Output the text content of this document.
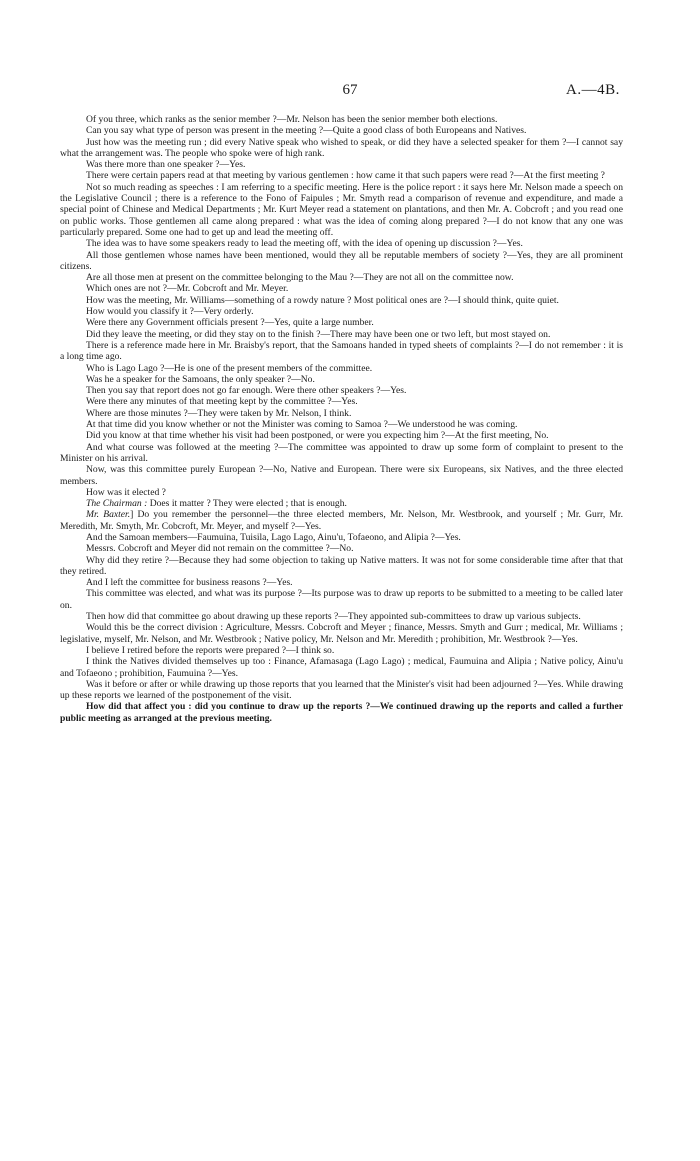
67	A.—4B.

Of you three, which ranks as the senior member ?—Mr. Nelson has been the senior member both elections.

Can you say what type of person was present in the meeting ?—Quite a good class of both Europeans and Natives.

Just how was the meeting run ; did every Native speak who wished to speak, or did they have a selected speaker for them ?—I cannot say what the arrangement was. The people who spoke were of high rank.

Was there more than one speaker ?—Yes.

There were certain papers read at that meeting by various gentlemen : how came it that such papers were read ?—At the first meeting ?

Not so much reading as speeches : I am referring to a specific meeting. Here is the police report : it says here Mr. Nelson made a speech on the Legislative Council ; there is a reference to the Fono of Faipules ; Mr. Smyth read a comparison of revenue and expenditure, and made a special point of Chinese and Medical Departments ; Mr. Kurt Meyer read a statement on plantations, and then Mr. A. Cobcroft ; and you read one on public works. Those gentlemen all came along prepared : what was the idea of coming along prepared ?—I do not know that any one was particularly prepared. Some one had to get up and lead the meeting off.

The idea was to have some speakers ready to lead the meeting off, with the idea of opening up discussion ?—Yes.

All those gentlemen whose names have been mentioned, would they all be reputable members of society ?—Yes, they are all prominent citizens.

Are all those men at present on the committee belonging to the Mau ?—They are not all on the committee now.

Which ones are not ?—Mr. Cobcroft and Mr. Meyer.

How was the meeting, Mr. Williams—something of a rowdy nature ? Most political ones are ?—I should think, quite quiet.

How would you classify it ?—Very orderly.

Were there any Government officials present ?—Yes, quite a large number.

Did they leave the meeting, or did they stay on to the finish ?—There may have been one or two left, but most stayed on.

There is a reference made here in Mr. Braisby's report, that the Samoans handed in typed sheets of complaints ?—I do not remember : it is a long time ago.

Who is Lago Lago ?—He is one of the present members of the committee.

Was he a speaker for the Samoans, the only speaker ?—No.

Then you say that report does not go far enough. Were there other speakers ?—Yes.

Were there any minutes of that meeting kept by the committee ?—Yes.

Where are those minutes ?—They were taken by Mr. Nelson, I think.

At that time did you know whether or not the Minister was coming to Samoa ?—We understood he was coming.

Did you know at that time whether his visit had been postponed, or were you expecting him ?—At the first meeting, No.

And what course was followed at the meeting ?—The committee was appointed to draw up some form of complaint to present to the Minister on his arrival.

Now, was this committee purely European ?—No, Native and European. There were six Europeans, six Natives, and the three elected members.

How was it elected ?

The Chairman : Does it matter ? They were elected ; that is enough.

Mr. Baxter.] Do you remember the personnel—the three elected members, Mr. Nelson, Mr. Westbrook, and yourself ; Mr. Gurr, Mr. Meredith, Mr. Smyth, Mr. Cobcroft, Mr. Meyer, and myself ?—Yes.

And the Samoan members—Faumuina, Tuisila, Lago Lago, Ainu'u, Tofaeono, and Alipia ?—Yes.

Messrs. Cobcroft and Meyer did not remain on the committee ?—No.

Why did they retire ?—Because they had some objection to taking up Native matters. It was not for some considerable time after that that they retired.

And I left the committee for business reasons ?—Yes.

This committee was elected, and what was its purpose ?—Its purpose was to draw up reports to be submitted to a meeting to be called later on.

Then how did that committee go about drawing up these reports ?—They appointed sub-committees to draw up various subjects.

Would this be the correct division : Agriculture, Messrs. Cobcroft and Meyer ; finance, Messrs. Smyth and Gurr ; medical, Mr. Williams ; legislative, myself, Mr. Nelson, and Mr. Westbrook ; Native policy, Mr. Nelson and Mr. Meredith ; prohibition, Mr. Westbrook ?—Yes.

I believe I retired before the reports were prepared ?—I think so.

I think the Natives divided themselves up too : Finance, Afamasaga (Lago Lago) ; medical, Faumuina and Alipia ; Native policy, Ainu'u and Tofaeono ; prohibition, Faumuina ?—Yes.

Was it before or after or while drawing up those reports that you learned that the Minister's visit had been adjourned ?—Yes. While drawing up these reports we learned of the postponement of the visit.

How did that affect you : did you continue to draw up the reports ?—We continued drawing up the reports and called a further public meeting as arranged at the previous meeting.
